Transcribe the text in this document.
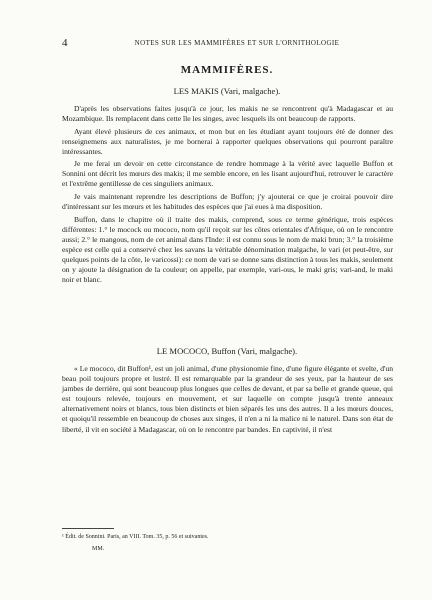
4	NOTES SUR LES MAMMIFÈRES ET SUR L'ORNITHOLOGIE
MAMMIFÈRES.
LES MAKIS (Vari, malgache).

D'après les observations faites jusqu'à ce jour, les makis ne se rencontrent qu'à Madagascar et au Mozambique. Ils remplacent dans cette île les singes, avec lesquels ils ont beaucoup de rapports.

Ayant élevé plusieurs de ces animaux, et mon but en les étudiant ayant toujours été de donner des renseignemens aux naturalistes, je me bornerai à rapporter quelques observations qui pourront paraître intéressantes.

Je me ferai un devoir en cette circonstance de rendre hommage à la vérité avec laquelle Buffon et Sonnini ont décrit les mœurs des makis; il me semble encore, en les lisant aujourd'hui, retrouver le caractère et l'extrême gentillesse de ces singuliers animaux.

Je vais maintenant reprendre les descriptions de Buffon; j'y ajouterai ce que je croirai pouvoir dire d'intéressant sur les mœurs et les habitudes des espèces que j'ai eues à ma disposition.

Buffon, dans le chapitre où il traite des makis, comprend, sous ce terme générique, trois espèces différentes: 1.° le mocock ou mococo, nom qu'il reçoit sur les côtes orientales d'Afrique, où on le rencontre aussi; 2.° le mangous, nom de cet animal dans l'Inde: il est connu sous le nom de maki brun; 3.° la troisième espèce est celle qui a conservé chez les savans la véritable dénomination malgache, le vari (et peut-être, sur quelques points de la côte, le varicossi): ce nom de vari se donne sans distinction à tous les makis, seulement on y ajoute la désignation de la couleur; on appelle, par exemple, vari-ous, le maki gris; vari-and, le maki noir et blanc.

LE MOCOCO, Buffon (Vari, malgache).

« Le mococo, dit Buffon¹, est un joli animal, d'une physionomie fine, d'une figure élégante et svelte, d'un beau poil toujours propre et lustré. Il est remarquable par la grandeur de ses yeux, par la hauteur de ses jambes de derrière, qui sont beaucoup plus longues que celles de devant, et par sa belle et grande queue, qui est toujours relevée, toujours en mouvement, et sur laquelle on compte jusqu'à trente anneaux alternativement noirs et blancs, tous bien distincts et bien séparés les uns des autres. Il a les mœurs douces, et quoiqu'il ressemble en beaucoup de choses aux singes, il n'en a ni la malice ni le naturel. Dans son état de liberté, il vit en société à Madagascar, où on le rencontre par bandes. En captivité, il n'est

¹ Édit. de Sonnini. Paris, an VIII. Tom. 35, p. 56 et suivantes.
MM.
